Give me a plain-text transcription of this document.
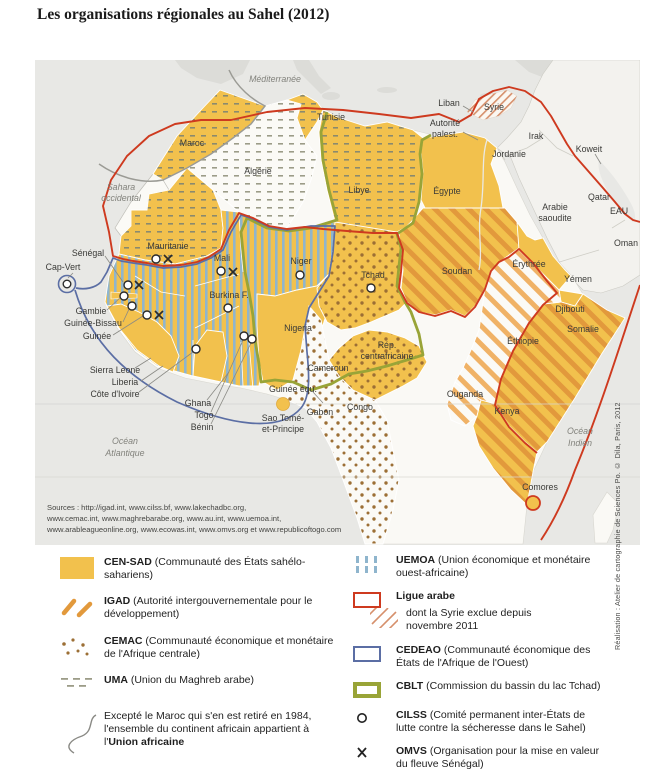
Les organisations régionales au Sahel (2012)
Méditerranée
Maroc
Algérie
Tunisie
Sahara
occidental
Sénégal
Cap-Vert
Mauritanie
Mali	Niger
Burkina F.
Gambie
Guinée-Bissau
Guinée
Sierra Leone
Liberia
Côte d'Ivoire
Ghana
Togo
Bénin
Nigeria
Sao Tomé-
et-Principe
Cameroun
Guinée équ.
Gabon Congo
Rép.
centrafricaine
Tchad
Libye	Égypte
Soudan
Érythrée
Djibouti
Somalie
Éthiopie
Ouganda
Kenya
Comores
Liban
Autorité
palest.
Syrie
Irak
Jordanie	Koweit
Qatar
EAU
Oman
Arabie
saoudite
Yémen
Océan
Atlantique
Océan
Indien
Sources : http://igad.int, www.cilss.bf, www.lakechadbc.org,
www.cemac.int, www.maghrebarabe.org, www.au.int, www.uemoa.int,
www.arableagueonline.org, www.ecowas.int, www.omvs.org et www.republicoftogo.com	Réalisation : Atelier de cartographie de Sciences Po. © Dila, Paris, 2012
CEN-SAD (Communauté des États sahélo-sahariens)
IGAD (Autorité intergouvernementale pour le développement)
CEMAC (Communauté économique et monétaire de l'Afrique centrale)
UMA (Union du Maghreb arabe)
Excepté le Maroc qui s'en est retiré en 1984, l'ensemble du continent africain appartient à l'Union africaine
UEMOA (Union économique et monétaire ouest-africaine)
Ligue arabe
dont la Syrie exclue depuis novembre 2011
CEDEAO (Communauté économique des États de l'Afrique de l'Ouest)
CBLT (Commission du bassin du lac Tchad)
CILSS (Comité permanent inter-États de lutte contre la sécheresse dans le Sahel)
OMVS (Organisation pour la mise en valeur du fleuve Sénégal)
